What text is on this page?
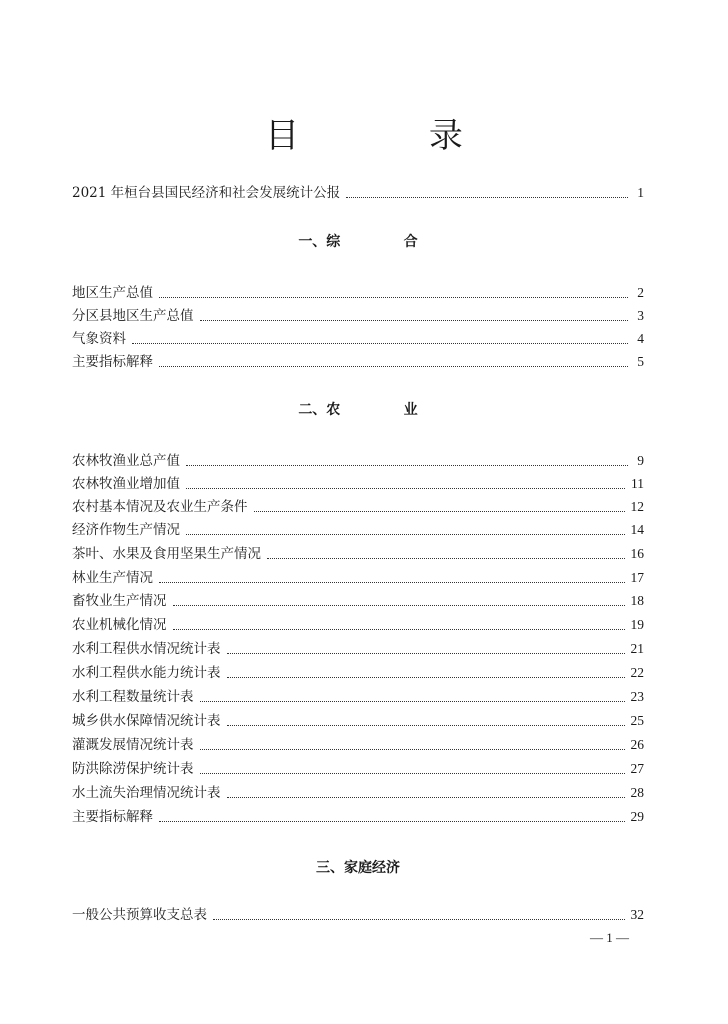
目            录
2021 年桓台县国民经济和社会发展统计公报	1
一、综             合
地区生产总值	2
分区县地区生产总值	3
气象资料	4
主要指标解释	5
二、农             业
农林牧渔业总产值	9
农林牧渔业增加值	11
农村基本情况及农业生产条件	12
经济作物生产情况	14
茶叶、水果及食用坚果生产情况	16
林业生产情况	17
畜牧业生产情况	18
农业机械化情况	19
水利工程供水情况统计表	21
水利工程供水能力统计表	22
水利工程数量统计表	23
城乡供水保障情况统计表	25
灌溉发展情况统计表	26
防洪除涝保护统计表	27
水土流失治理情况统计表	28
主要指标解释	29
三、家庭经济
一般公共预算收支总表	32
— 1 —
